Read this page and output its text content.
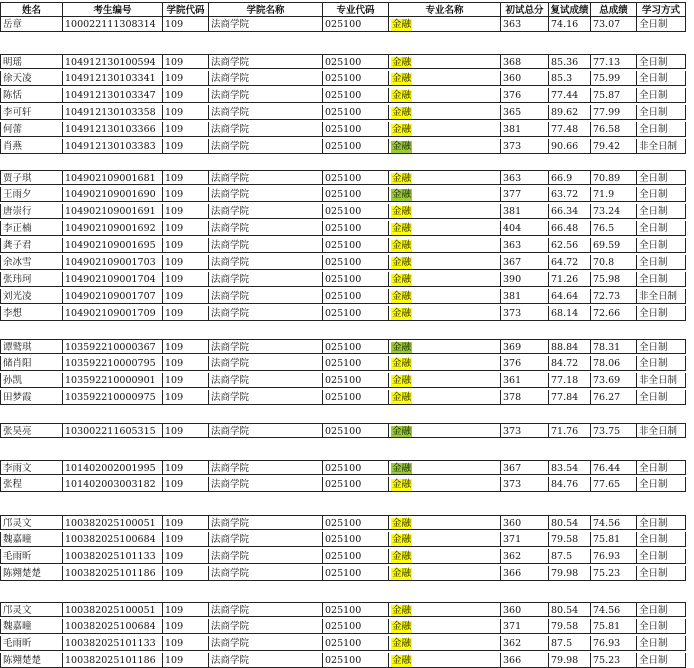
姓名	考生编号	学院代码	学院名称	专业代码	专业名称	初试总分 复试成绩	总成绩	学习方式
岳章	100022111308314 109	法商学院	025100	金融	363	74.16	73.07	全日制
明瑶	104912130100594 109	法商学院	025100	金融	368	85.36	77.13	全日制
徐天凌	104912130103341 109	法商学院	025100	金融	360	85.3	75.99	全日制
陈恬	104912130103347 109	法商学院	025100	金融	376	77.44	75.87	全日制
李可轩	104912130103358 109	法商学院	025100	金融	365	89.62	77.99	全日制
何蕾	104912130103366 109	法商学院	025100	金融	381	77.48	76.58	全日制
肖燕	104912130103383 109	法商学院	025100	金融	373	90.66	79.42	非全日制
贾子琪	104902109001681 109	法商学院	025100	金融	363	66.9	70.89	全日制
王雨夕	104902109001690 109	法商学院	025100	金融	377	63.72	71.9	全日制
唐崇行	104902109001691 109	法商学院	025100	金融	381	66.34	73.24	全日制
李正楠	104902109001692 109	法商学院	025100	金融	404	66.48	76.5	全日制
龚子君	104902109001695 109	法商学院	025100	金融	363	62.56	69.59	全日制
余冰雪	104902109001703 109	法商学院	025100	金融	367	64.72	70.8	全日制
张玮珂	104902109001704 109	法商学院	025100	金融	390	71.26	75.98	全日制
刘光凌	104902109001707 109	法商学院	025100	金融	381	64.64	72.73	非全日制
李想	104902109001709 109	法商学院	025100	金融	373	68.14	72.66	全日制
谭鹫琪	103592210000367 109	法商学院	025100	金融	369	88.84	78.31	全日制
储肖阳	103592210000795 109	法商学院	025100	金融	376	84.72	78.06	全日制
孙凯	103592210000901 109	法商学院	025100	金融	361	77.18	73.69	非全日制
田梦霞	103592210000975 109	法商学院	025100	金融	378	77.84	76.27	全日制
张昊亮	103002211605315 109	法商学院	025100	金融	373	71.76	73.75	非全日制
李雨文	101402002001995 109	法商学院	025100	金融	367	83.54	76.44	全日制
张程	101402003003182 109	法商学院	025100	金融	373	84.76	77.65	全日制
邝灵文	100382025100051 109	法商学院	025100	金融	360	80.54	74.56	全日制
魏嘉曈	100382025100684 109	法商学院	025100	金融	371	79.58	75.81	全日制
毛雨昕	100382025101133 109	法商学院	025100	金融	362	87.5	76.93	全日制
陈翙楚楚	100382025101186 109	法商学院	025100	金融	366	79.98	75.23	全日制
邝灵文	100382025100051 109	法商学院	025100	金融	360	80.54	74.56	全日制
魏嘉曈	100382025100684 109	法商学院	025100	金融	371	79.58	75.81	全日制
毛雨昕	100382025101133 109	法商学院	025100	金融	362	87.5	76.93	全日制
陈翙楚楚	100382025101186 109	法商学院	025100	金融	366	79.98	75.23	全日制
